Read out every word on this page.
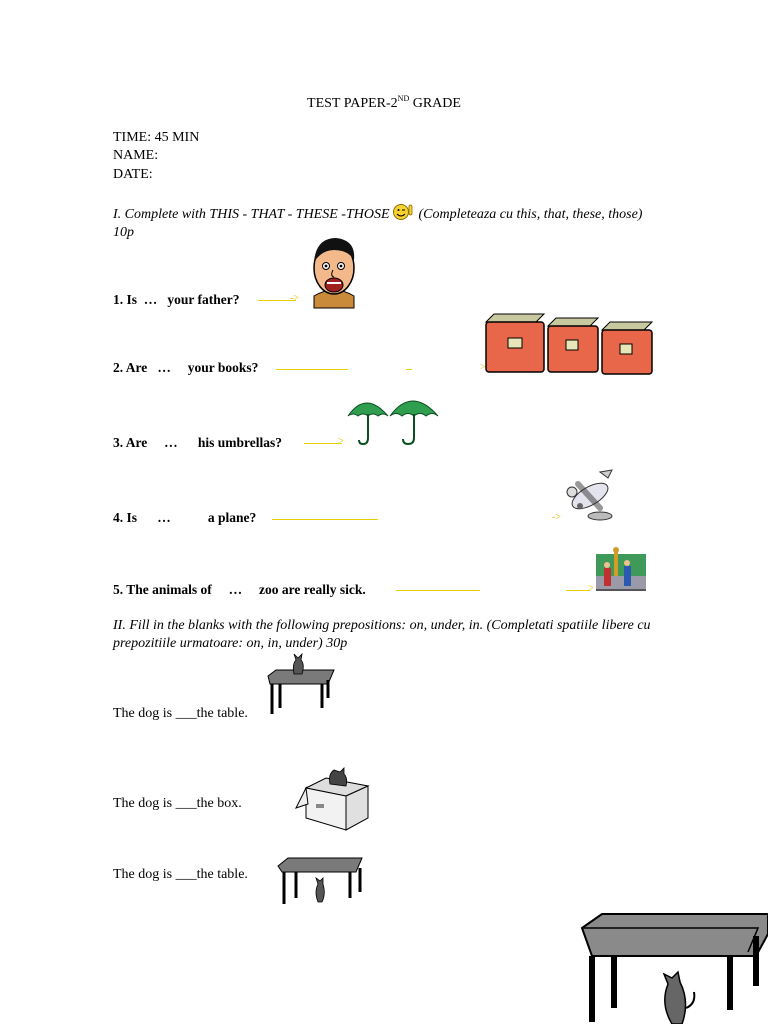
TEST PAPER-2ND GRADE
TIME: 45 MIN
NAME:
DATE:
I. Complete with THIS - THAT - THESE -THOSE  (Completeaza cu this, that, these, those) 10p
1. Is  …   your father?	->
2. Are   …     your books?	>
3. Are     …      his umbrellas?	>
4. Is      …           a plane?	->
5. The animals of     …     zoo are really sick.	>
II. Fill in the blanks with the following prepositions: on, under, in. (Completati spatiile libere cu prepozitiile urmatoare: on, in, under) 30p
The dog is ___the table.
The dog is ___the box.
The dog is ___the table.
